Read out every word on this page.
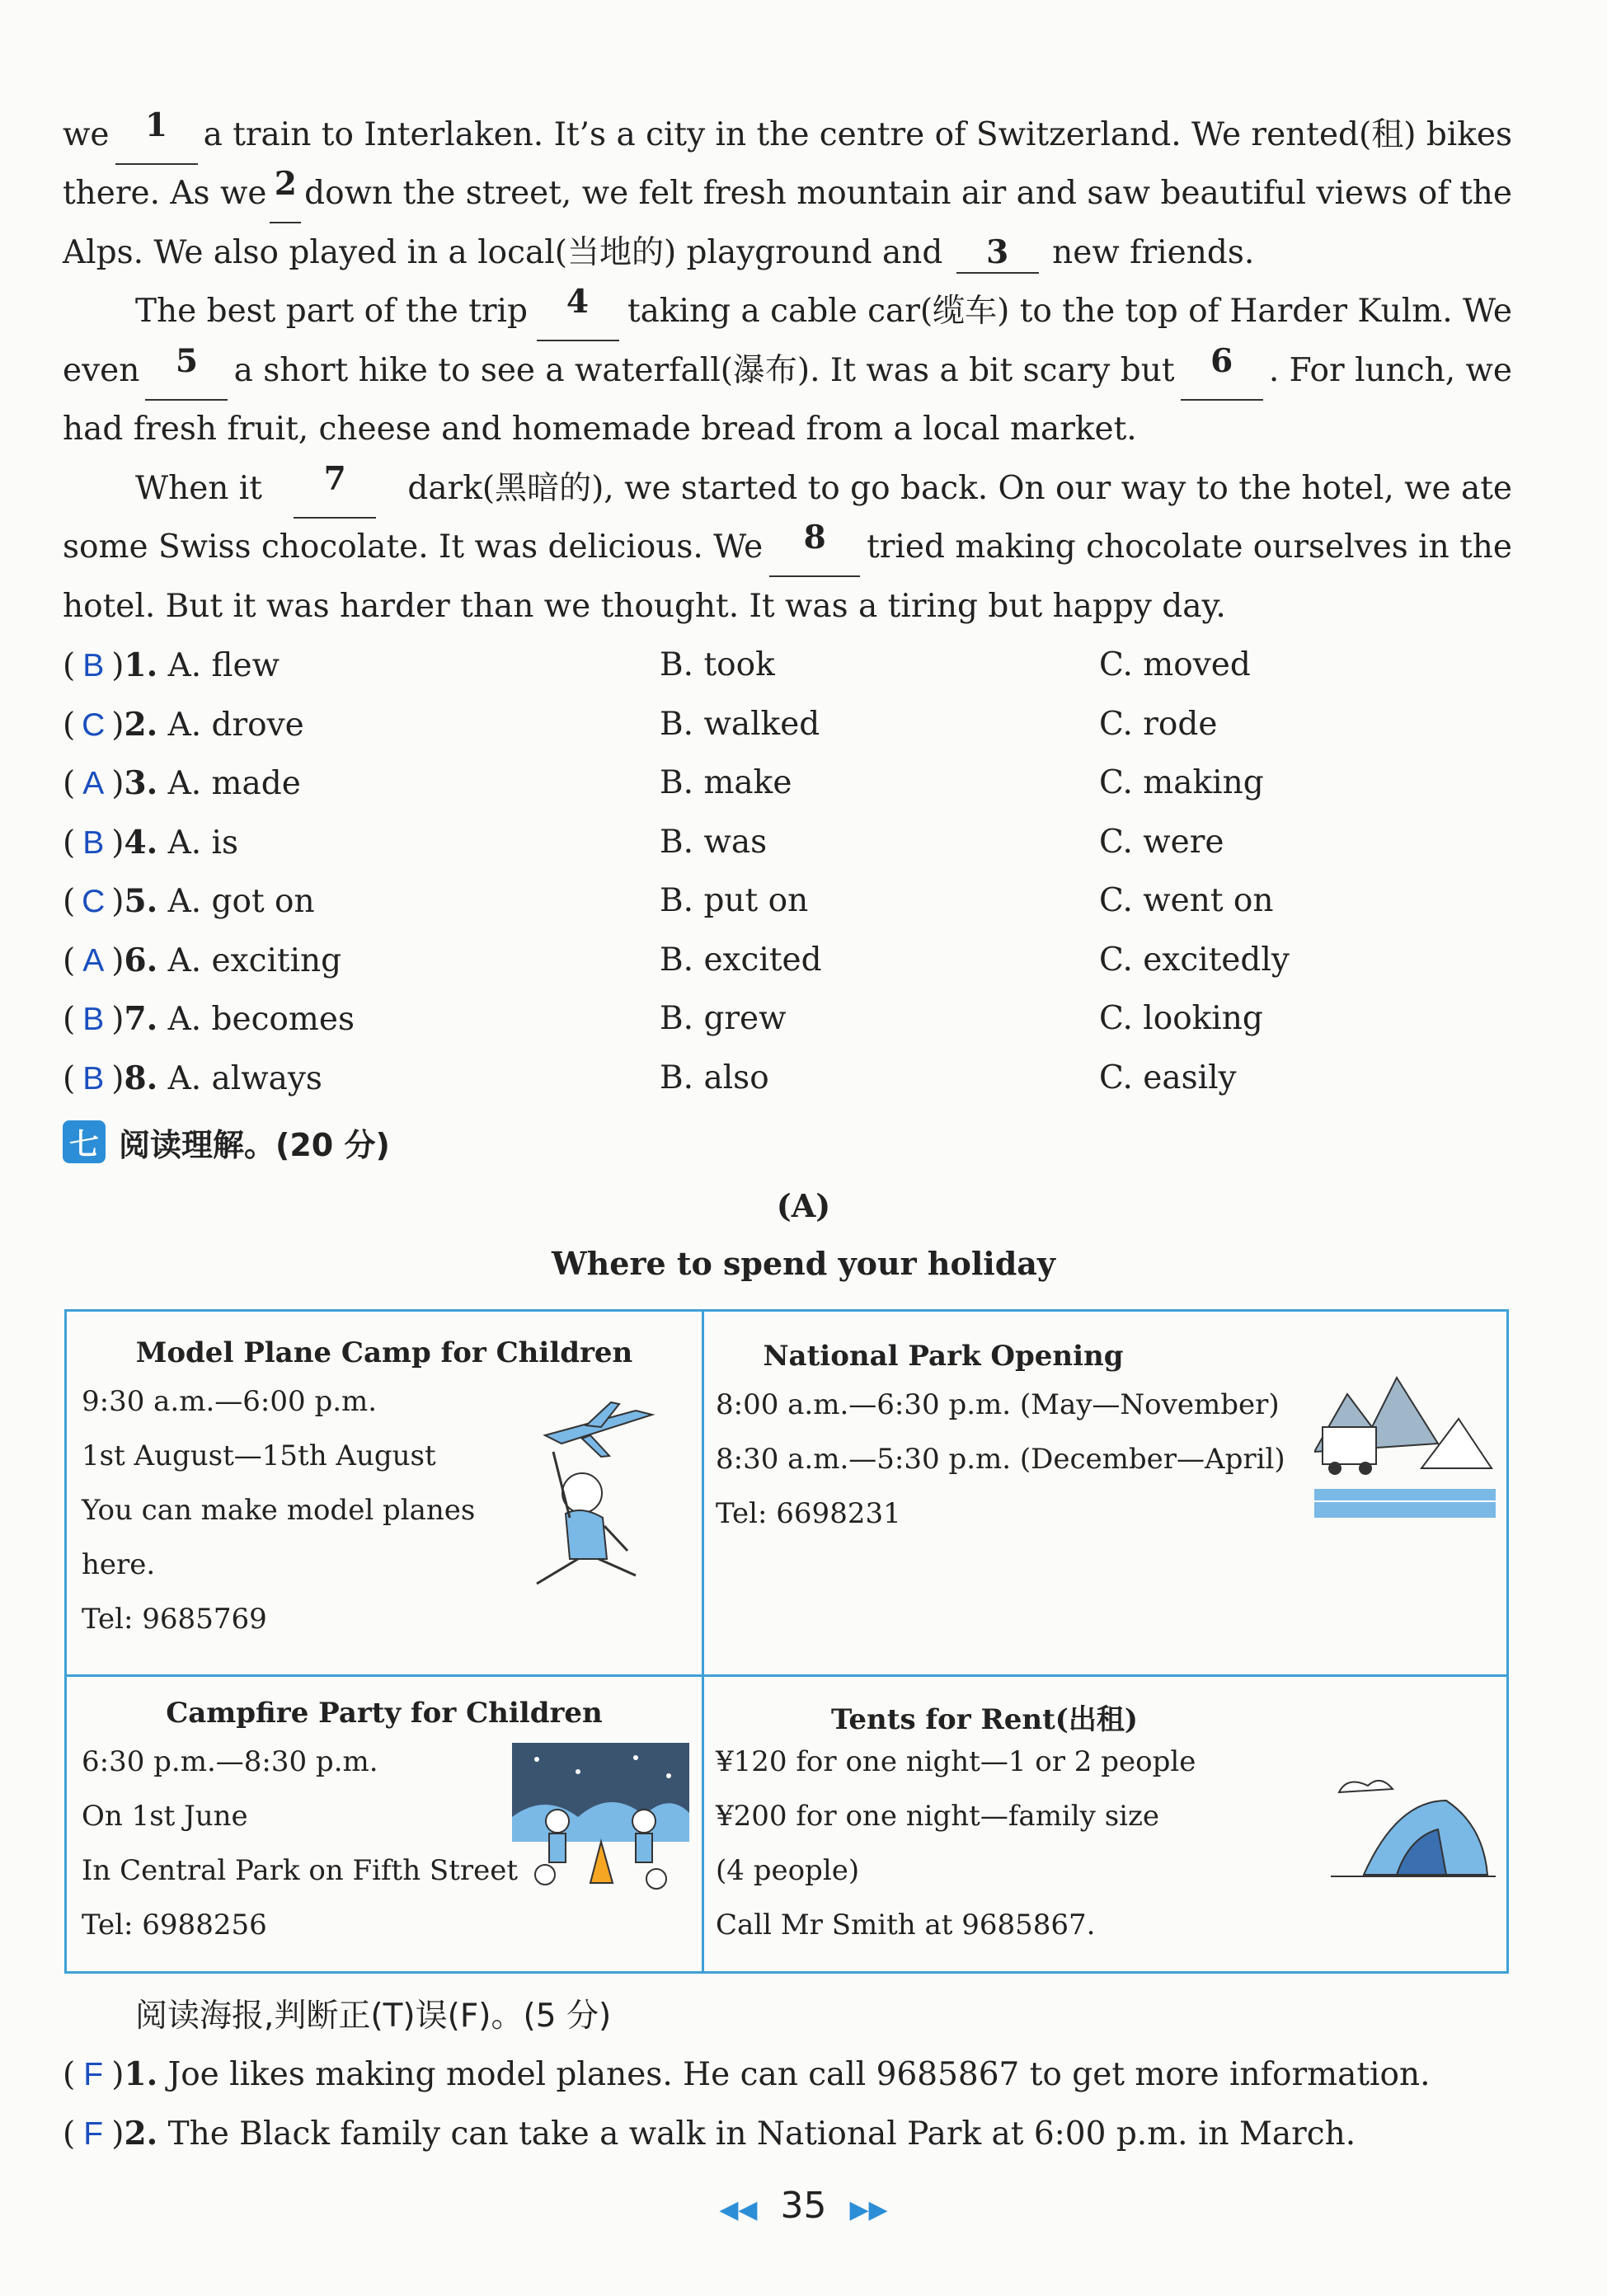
we	1	a train to Interlaken. It’s a city in the centre of Switzerland. We rented(租) bikes
there. As we 2 down the street, we felt fresh mountain air and saw beautiful views of the
Alps. We also played in a local(当地的) playground and 3 new friends.
The best part of the trip	4	taking a cable car(缆车) to the top of Harder Kulm. We
even	5	a short hike to see a waterfall(瀑布). It was a bit scary but	6	. For lunch, we
had fresh fruit, cheese and homemade bread from a local market.
When it	7	dark(黑暗的), we started to go back. On our way to the hotel, we ate
some Swiss chocolate. It was delicious. We	8	tried making chocolate ourselves in the
hotel. But it was harder than we thought. It was a tiring but happy day.
( B )1. A. flew	B. took	C. moved
( C )2. A. drove	B. walked	C. rode
( A )3. A. made	B. make	C. making
( B )4. A. is	B. was	C. were
( C )5. A. got on	B. put on	C. went on
( A )6. A. exciting	B. excited	C. excitedly
( B )7. A. becomes	B. grew	C. looking
( B )8. A. always	B. also	C. easily
七 阅读理解。(20 分)
(A)
Where to spend your holiday
Model Plane Camp for Children
9:30 a.m.—6:00 p.m.
1st August—15th August
You can make model planes
here.
Tel: 9685769
National Park Opening
8:00 a.m.—6:30 p.m. (May—November)
8:30 a.m.—5:30 p.m. (December—April)
Tel: 6698231
Campfire Party for Children
6:30 p.m.—8:30 p.m.
On 1st June
In Central Park on Fifth Street
Tel: 6988256
Tents for Rent(出租)
¥120 for one night—1 or 2 people
¥200 for one night—family size
(4 people)
Call Mr Smith at 9685867.
阅读海报,判断正(T)误(F)。(5 分)
( F )1. Joe likes making model planes. He can call 9685867 to get more information.
( F )2. The Black family can take a walk in National Park at 6:00 p.m. in March.
◀◀ 35 ▶▶
